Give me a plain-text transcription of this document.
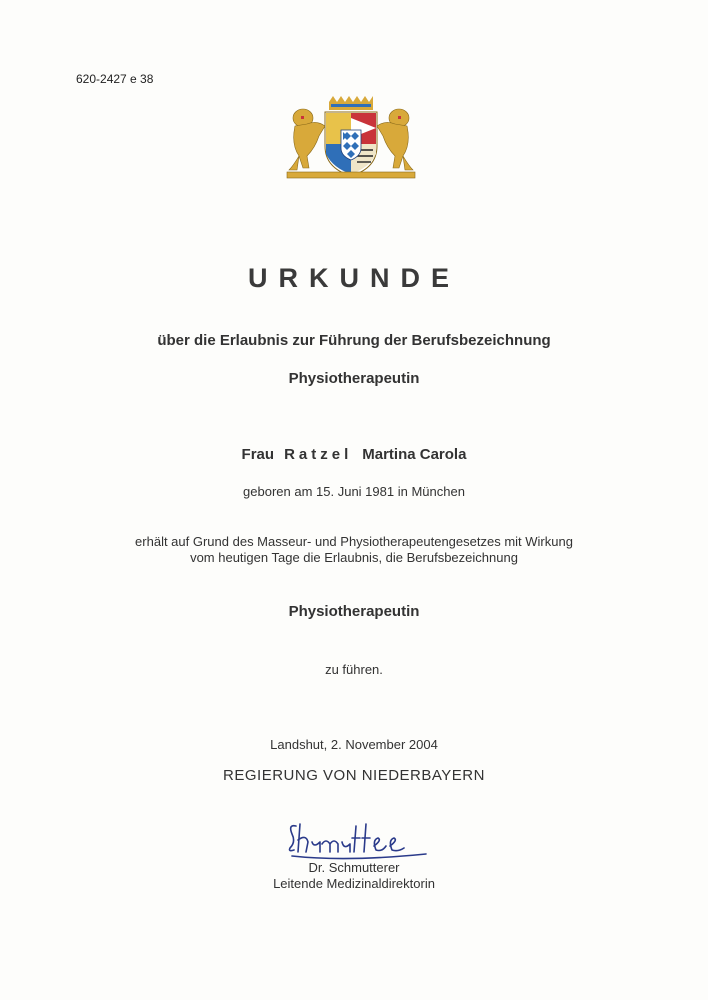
620-2427 e 38
URKUNDE
über die Erlaubnis zur Führung der Berufsbezeichnung
Physiotherapeutin
Frau Ratzel Martina Carola
geboren am 15. Juni 1981 in München
erhält auf Grund des Masseur- und Physiotherapeutengesetzes mit Wirkung
vom heutigen Tage die Erlaubnis, die Berufsbezeichnung
Physiotherapeutin
zu führen.
Landshut, 2. November 2004
REGIERUNG VON NIEDERBAYERN
Dr. Schmutterer
Leitende Medizinaldirektorin
